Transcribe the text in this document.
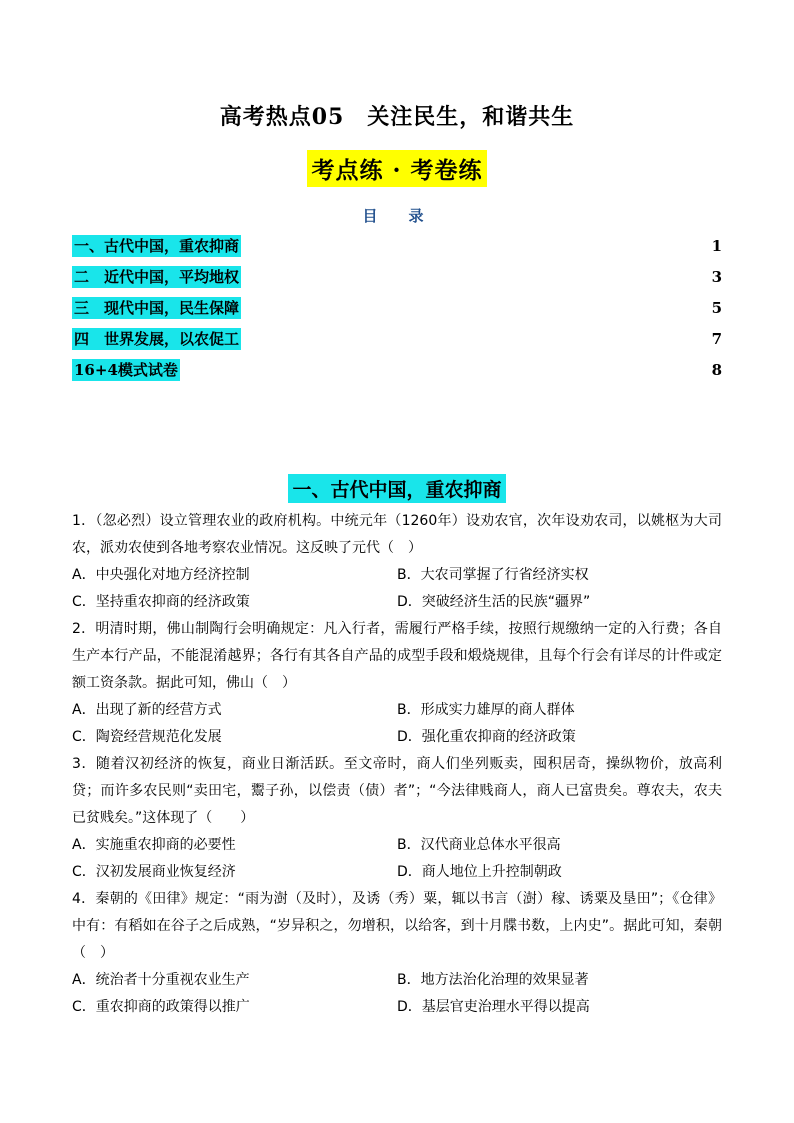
高考热点05　关注民生，和谐共生
考点练 · 考卷练
目　录
一、古代中国，重农抑商	1
二　近代中国，平均地权	3
三　现代中国，民生保障	5
四　世界发展，以农促工	7
16+4模式试卷	8
一、古代中国，重农抑商

1．（忽必烈）设立管理农业的政府机构。中统元年（1260年）设劝农官，次年设劝农司，以姚枢为大司农，派劝农使到各地考察农业情况。这反映了元代（　）

A．中央强化对地方经济控制	B．大农司掌握了行省经济实权
C．坚持重农抑商的经济政策	D．突破经济生活的民族“疆界”

2．明清时期，佛山制陶行会明确规定：凡入行者，需履行严格手续，按照行规缴纳一定的入行费；各自生产本行产品，不能混淆越界；各行有其各自产品的成型手段和煅烧规律，且每个行会有详尽的计件或定额工资条款。据此可知，佛山（　）

A．出现了新的经营方式	B．形成实力雄厚的商人群体
C．陶瓷经营规范化发展	D．强化重农抑商的经济政策

3．随着汉初经济的恢复，商业日渐活跃。至文帝时，商人们坐列贩卖，囤积居奇，操纵物价，放高利贷；而许多农民则“卖田宅，鬻子孙，以偿责（债）者”；“今法律贱商人，商人已富贵矣。尊农夫，农夫已贫贱矣。”这体现了（　　）

A．实施重农抑商的必要性	B．汉代商业总体水平很高
C．汉初发展商业恢复经济	D．商人地位上升控制朝政

4．秦朝的《田律》规定：“雨为澍（及时），及诱（秀）粟，辄以书言（澍）稼、诱粟及垦田”；《仓律》中有：有稻如在谷子之后成熟，“岁异积之，勿增积，以给客，到十月牒书数，上内史”。据此可知，秦朝（　）

A．统治者十分重视农业生产	B．地方法治化治理的效果显著
C．重农抑商的政策得以推广	D．基层官吏治理水平得以提高
